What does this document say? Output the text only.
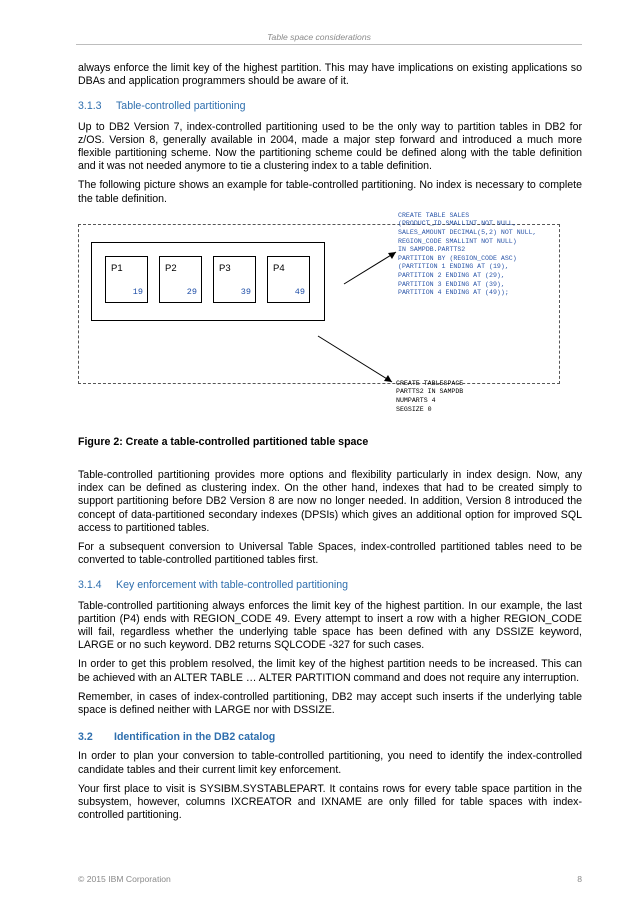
Table space considerations

always enforce the limit key of the highest partition. This may have implications on existing applications so DBAs and application programmers should be aware of it.

3.1.3 Table-controlled partitioning

Up to DB2 Version 7, index-controlled partitioning used to be the only way to partition tables in DB2 for z/OS. Version 8, generally available in 2004, made a major step forward and introduced a much more flexible partitioning scheme. Now the partitioning scheme could be defined along with the table definition and it was not needed anymore to tie a clustering index to a table definition.

The following picture shows an example for table-controlled partitioning. No index is necessary to complete the table definition.

P1
19
P2
29
P3
39
P4
49
CREATE TABLE SALES
(PRODUCT_ID SMALLINT NOT NULL,
SALES_AMOUNT DECIMAL(5,2) NOT NULL,
REGION_CODE SMALLINT NOT NULL)
IN SAMPDB.PARTTS2
PARTITION BY (REGION_CODE ASC)
(PARTITION 1 ENDING AT (19),
PARTITION 2 ENDING AT (29),
PARTITION 3 ENDING AT (39),
PARTITION 4 ENDING AT (49));
CREATE TABLESPACE
PARTTS2 IN SAMPDB
NUMPARTS 4
SEGSIZE 0

Figure 2: Create a table-controlled partitioned table space

Table-controlled partitioning provides more options and flexibility particularly in index design. Now, any index can be defined as clustering index. On the other hand, indexes that had to be created simply to support partitioning before DB2 Version 8 are now no longer needed. In addition, Version 8 introduced the concept of data-partitioned secondary indexes (DPSIs) which gives an additional option for improved SQL access to partitioned tables.

For a subsequent conversion to Universal Table Spaces, index-controlled partitioned tables need to be converted to table-controlled partitioned tables first.

3.1.4 Key enforcement with table-controlled partitioning

Table-controlled partitioning always enforces the limit key of the highest partition. In our example, the last partition (P4) ends with REGION_CODE 49. Every attempt to insert a row with a higher REGION_CODE will fail, regardless whether the underlying table space has been defined with any DSSIZE keyword, LARGE or no such keyword. DB2 returns SQLCODE -327 for such cases.

In order to get this problem resolved, the limit key of the highest partition needs to be increased. This can be achieved with an ALTER TABLE … ALTER PARTITION command and does not require any interruption.

Remember, in cases of index-controlled partitioning, DB2 may accept such inserts if the underlying table space is defined neither with LARGE nor with DSSIZE.

3.2 Identification in the DB2 catalog

In order to plan your conversion to table-controlled partitioning, you need to identify the index-controlled candidate tables and their current limit key enforcement.

Your first place to visit is SYSIBM.SYSTABLEPART. It contains rows for every table space partition in the subsystem, however, columns IXCREATOR and IXNAME are only filled for table spaces with index-controlled partitioning.

© 2015 IBM Corporation	8
